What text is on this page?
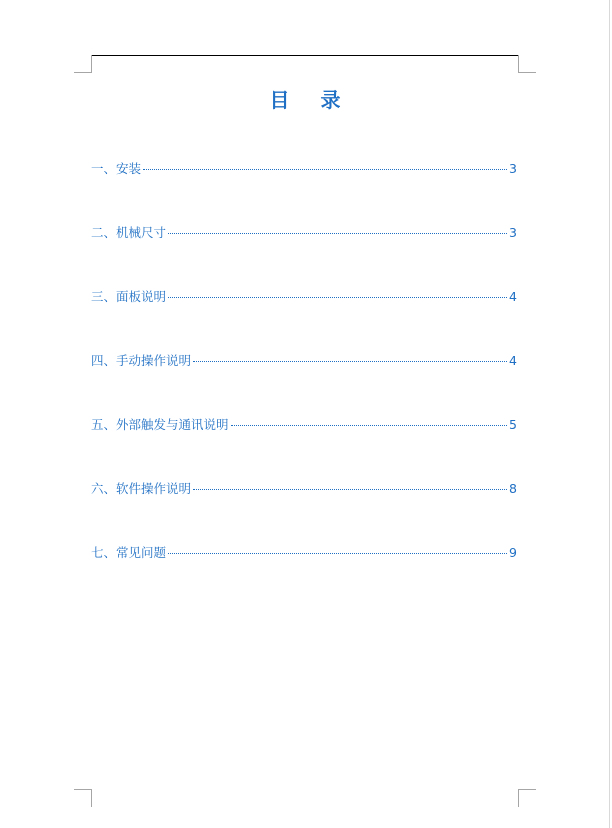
目 录
一、安装	3
二、机械尺寸	3
三、面板说明	4
四、手动操作说明	4
五、外部触发与通讯说明	5
六、软件操作说明	8
七、常见问题	9
